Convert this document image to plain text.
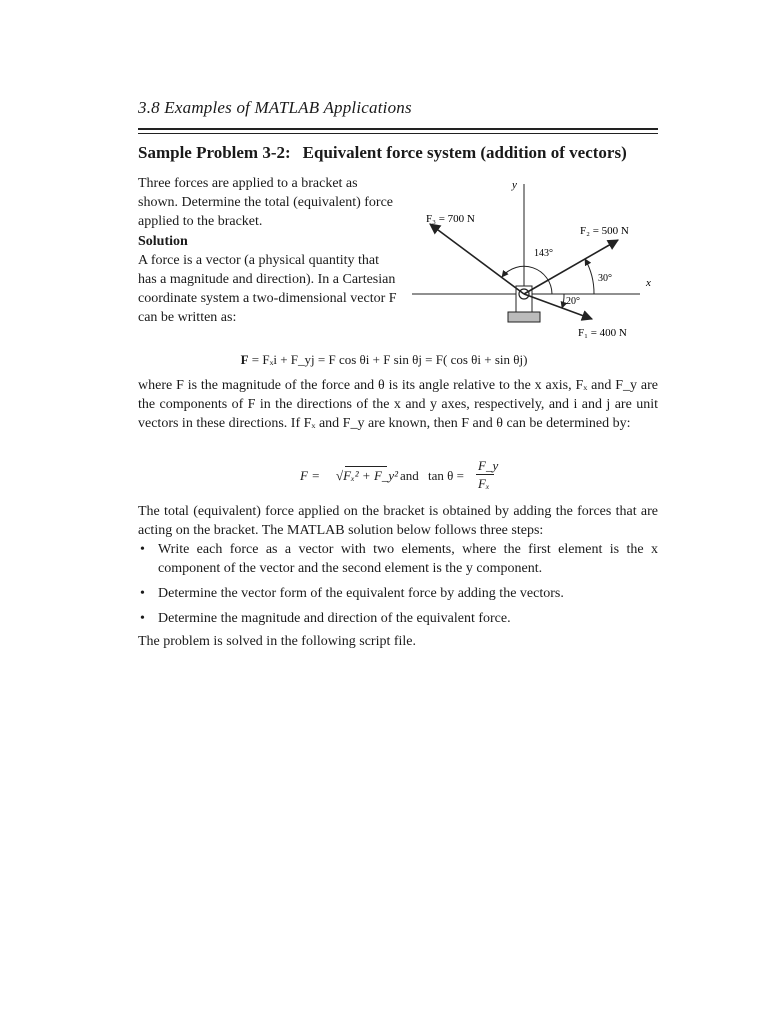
3.8 Examples of MATLAB Applications
Sample Problem 3-2: Equivalent force system (addition of vectors)

Three forces are applied to a bracket as shown. Determine the total (equivalent) force applied to the bracket.

Solution

A force is a vector (a physical quantity that has a magnitude and direction). In a Cartesian coordinate system a two-dimensional vector F can be written as:

x
y
F₃ = 700 N
F₂ = 500 N
F₁ = 400 N
143°
30°
20°
F = Fₓi + F_yj = F cos θi + F sin θj = F( cos θi + sin θj)
where F is the magnitude of the force and θ is its angle relative to the x axis, Fₓ and F_y are the components of F in the directions of the x and y axes, respectively, and i and j are unit vectors in these directions. If Fₓ and F_y are known, then F and θ can be determined by:
F = √Fₓ² + F_y² and tan θ =
F_y
Fₓ
The total (equivalent) force applied on the bracket is obtained by adding the forces that are acting on the bracket. The MATLAB solution below follows three steps:
• Write each force as a vector with two elements, where the first element is the x component of the vector and the second element is the y component.
• Determine the vector form of the equivalent force by adding the vectors.
• Determine the magnitude and direction of the equivalent force.
The problem is solved in the following script file.
